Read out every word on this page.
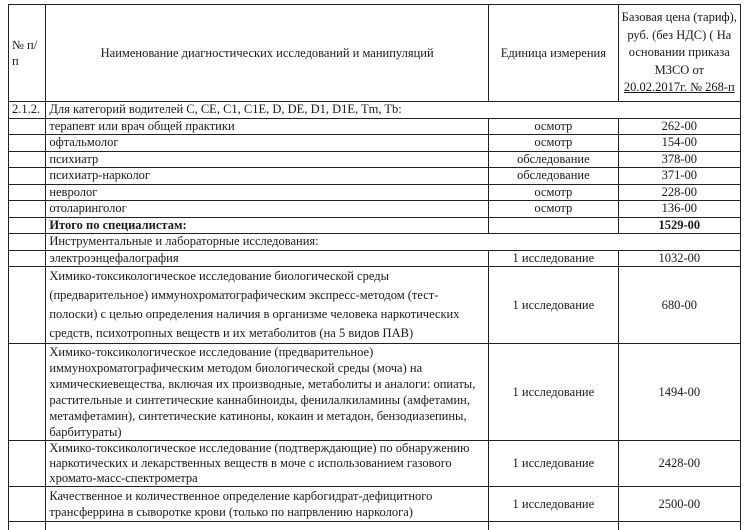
№ п/п	Наименование диагностических исследований и манипуляций	Единица измерения	Базовая цена (тариф), руб. (без НДС) ( На основании приказа МЗСО от
20.02.2017г. № 268-п
2.1.2.	Для категорий водителей С, СЕ, С1, С1Е, D, DE, D1, D1E, Tm, Tb:		
	терапевт или врач общей практики	осмотр	262-00
	офтальмолог	осмотр	154-00
	психиатр	обследование	378-00
	психиатр-нарколог	обследование	371-00
	невролог	осмотр	228-00
	отоларинголог	осмотр	136-00
	Итого по специалистам:		1529-00
	Инструментальные и лабораторные исследования:		
	электроэнцефалография	1 исследование	1032-00
	Химико-токсикологическое исследование биологической среды (предварительное) иммунохроматографическим экспресс-методом (тест-полоски) с целью определения наличия в организме человека наркотических средств, психотропных веществ и их метаболитов (на 5 видов ПАВ)	1 исследование	680-00
	Химико-токсикологическое исследование (предварительное) иммунохроматографическим методом биологической среды (моча) на химическиевещества, включая их производные, метаболиты и аналоги: опиаты, растительные и синтетические каннабиноиды, фенилалкиламины (амфетамин, метамфетамин), синтетические катиноны, кокаин и метадон, бензодиазепины, барбитураты)	1 исследование	1494-00
	Химико-токсикологическое исследование (подтверждающие) по обнаружению наркотических и лекарственных веществ в моче с использованием газового хромато-масс-спектрометра	1 исследование	2428-00
	Качественное и количественное определение карбогидрат-дефицитного трансферрина в сыворотке крови (только по напрвлению нарколога)	1 исследование	2500-00
